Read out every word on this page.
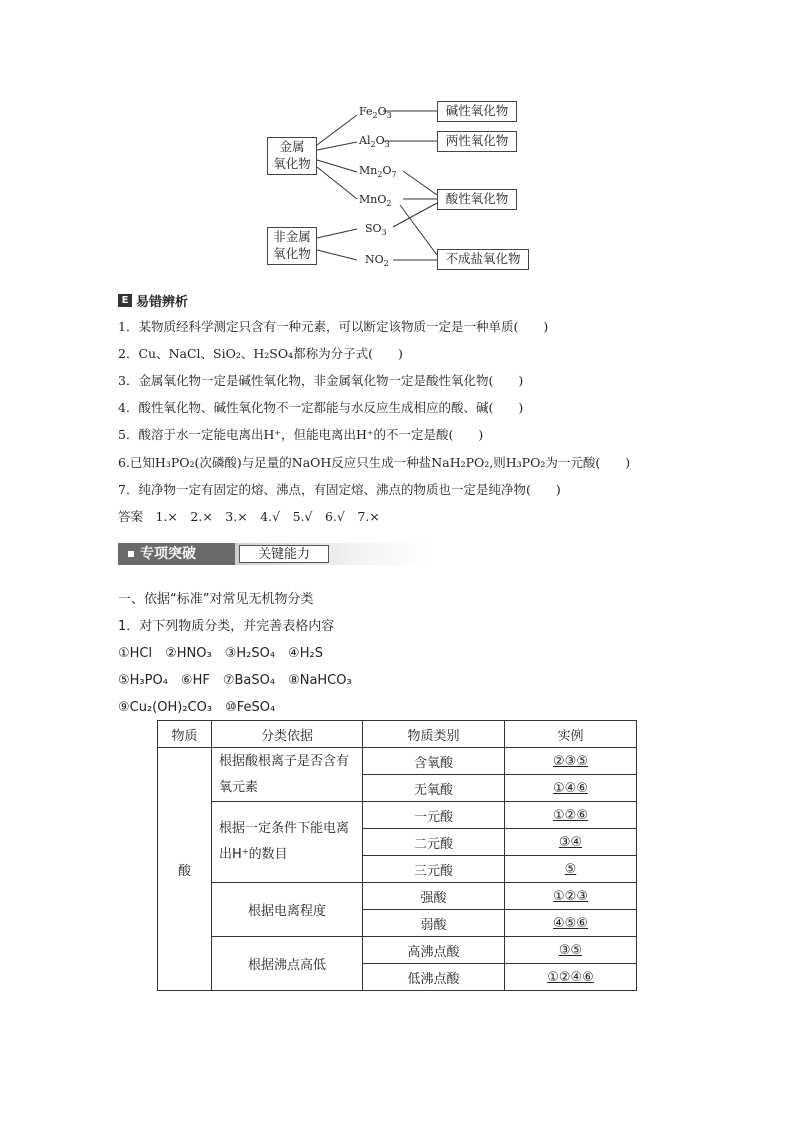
金属
氧化物
非金属
氧化物
$Fe_2O_3$
$Al_2O_3$
$Mn_2O_7$
MnO$_2$
$SO_3$
$NO_2$
碱性氧化物
两性氧化物
酸性氧化物
不成盐氧化物
E 易错辨析
1．某物质经科学测定只含有一种元素，可以断定该物质一定是一种单质(　　)
2．Cu、NaCl、SiO₂、H₂SO₄都称为分子式(　　)
3．金属氧化物一定是碱性氧化物，非金属氧化物一定是酸性氧化物(　　)
4．酸性氧化物、碱性氧化物不一定都能与水反应生成相应的酸、碱(　　)
5．酸溶于水一定能电离出H⁺，但能电离出H⁺的不一定是酸(　　)
6.已知H₃PO₂(次磷酸)与足量的NaOH反应只生成一种盐NaH₂PO₂,则H₃PO₂为一元酸(　　)
7．纯净物一定有固定的熔、沸点，有固定熔、沸点的物质也一定是纯净物(　　)
答案　1.×　2.×　3.×　4.√　5.√　6.√　7.×
专项突破	关键能力
一、依据“标准”对常见无机物分类
1．对下列物质分类，并完善表格内容
①HCl　②HNO₃　③H₂SO₄　④H₂S
⑤H₃PO₄　⑥HF　⑦BaSO₄　⑧NaHCO₃
⑨Cu₂(OH)₂CO₃　⑩FeSO₄
物质	分类依据	物质类别	实例
酸	根据酸根离子是否含有氧元素	含氧酸	②③⑤
		无氧酸	①④⑥
	根据一定条件下能电离出H⁺的数目	一元酸	①②⑥
		二元酸	③④
		三元酸	⑤
	根据电离程度	强酸	①②③
		弱酸	④⑤⑥
	根据沸点高低	高沸点酸	③⑤
		低沸点酸	①②④⑥
